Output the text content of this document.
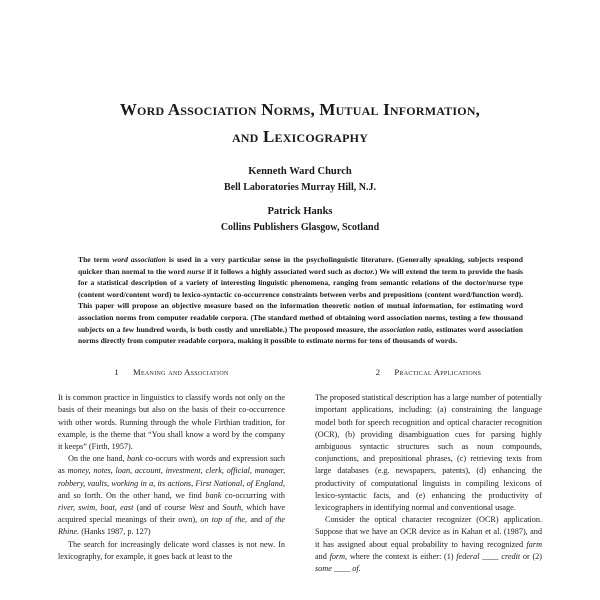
Word Association Norms, Mutual Information,
and Lexicography
Kenneth Ward Church
Bell Laboratories Murray Hill, N.J.
Patrick Hanks
Collins Publishers Glasgow, Scotland
The term word association is used in a very particular sense in the psycholinguistic literature. (Generally speaking, subjects respond quicker than normal to the word nurse if it follows a highly associated word such as doctor.) We will extend the term to provide the basis for a statistical description of a variety of interesting linguistic phenomena, ranging from semantic relations of the doctor/nurse type (content word/content word) to lexico-syntactic co-occurrence constraints between verbs and prepositions (content word/function word). This paper will propose an objective measure based on the information theoretic notion of mutual information, for estimating word association norms from computer readable corpora. (The standard method of obtaining word association norms, testing a few thousand subjects on a few hundred words, is both costly and unreliable.) The proposed measure, the association ratio, estimates word association norms directly from computer readable corpora, making it possible to estimate norms for tens of thousands of words.
1 Meaning and Association

It is common practice in linguistics to classify words not only on the basis of their meanings but also on the basis of their co-occurrence with other words. Running through the whole Firthian tradition, for example, is the theme that “You shall know a word by the company it keeps” (Firth, 1957).

On the one hand, bank co-occurs with words and expression such as money, notes, loan, account, investment, clerk, official, manager, robbery, vaults, working in a, its actions, First National, of England, and so forth. On the other hand, we find bank co-occurring with river, swim, boat, east (and of course West and South, which have acquired special meanings of their own), on top of the, and of the Rhine. (Hanks 1987, p. 127)

The search for increasingly delicate word classes is not new. In lexicography, for example, it goes back at least to the

2 Practical Applications

The proposed statistical description has a large number of potentially important applications, including: (a) constraining the language model both for speech recognition and optical character recognition (OCR), (b) providing disambiguation cues for parsing highly ambiguous syntactic structures such as noun compounds, conjunctions, and prepositional phrases, (c) retrieving texts from large databases (e.g. newspapers, patents), (d) enhancing the productivity of computational linguists in compiling lexicons of lexico-syntactic facts, and (e) enhancing the productivity of lexicographers in identifying normal and conventional usage.

Consider the optical character recognizer (OCR) application. Suppose that we have an OCR device as in Kahan et al. (1987), and it has assigned about equal probability to having recognized farm and form, where the context is either: (1) federal ____ credit or (2) some ____ of.
